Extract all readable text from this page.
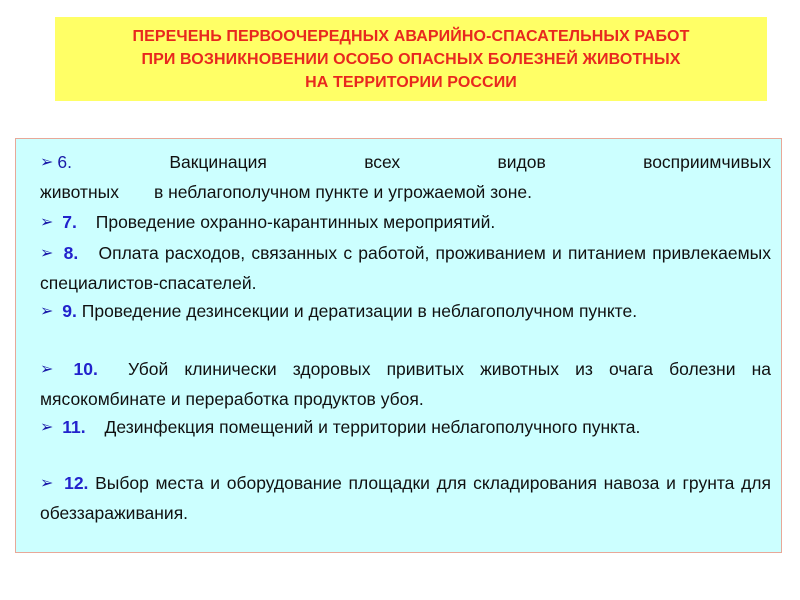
ПЕРЕЧЕНЬ ПЕРВООЧЕРЕДНЫХ АВАРИЙНО-СПАСАТЕЛЬНЫХ РАБОТ
ПРИ ВОЗНИКНОВЕНИИ ОСОБО ОПАСНЫХ БОЛЕЗНЕЙ ЖИВОТНЫХ
НА ТЕРРИТОРИИ РОССИИ
➢ 6.	Вакцинация	всех	видов	восприимчивых
животных  в неблагополучном пункте и угрожаемой зоне.
➢ 7. Проведение охранно-карантинных мероприятий.
➢ 8. Оплата расходов, связанных с работой, проживанием и питанием привлекаемых специалистов-спасателей.
➢ 9. Проведение дезинсекции и дератизации в неблагополучном пункте.
➢ 10. Убой клинически здоровых привитых животных из очага болезни на мясокомбинате и переработка продуктов убоя.
➢ 11. Дезинфекция помещений и территории неблагополучного пункта.
➢ 12. Выбор места и оборудование площадки для складирования навоза и грунта для обеззараживания.
